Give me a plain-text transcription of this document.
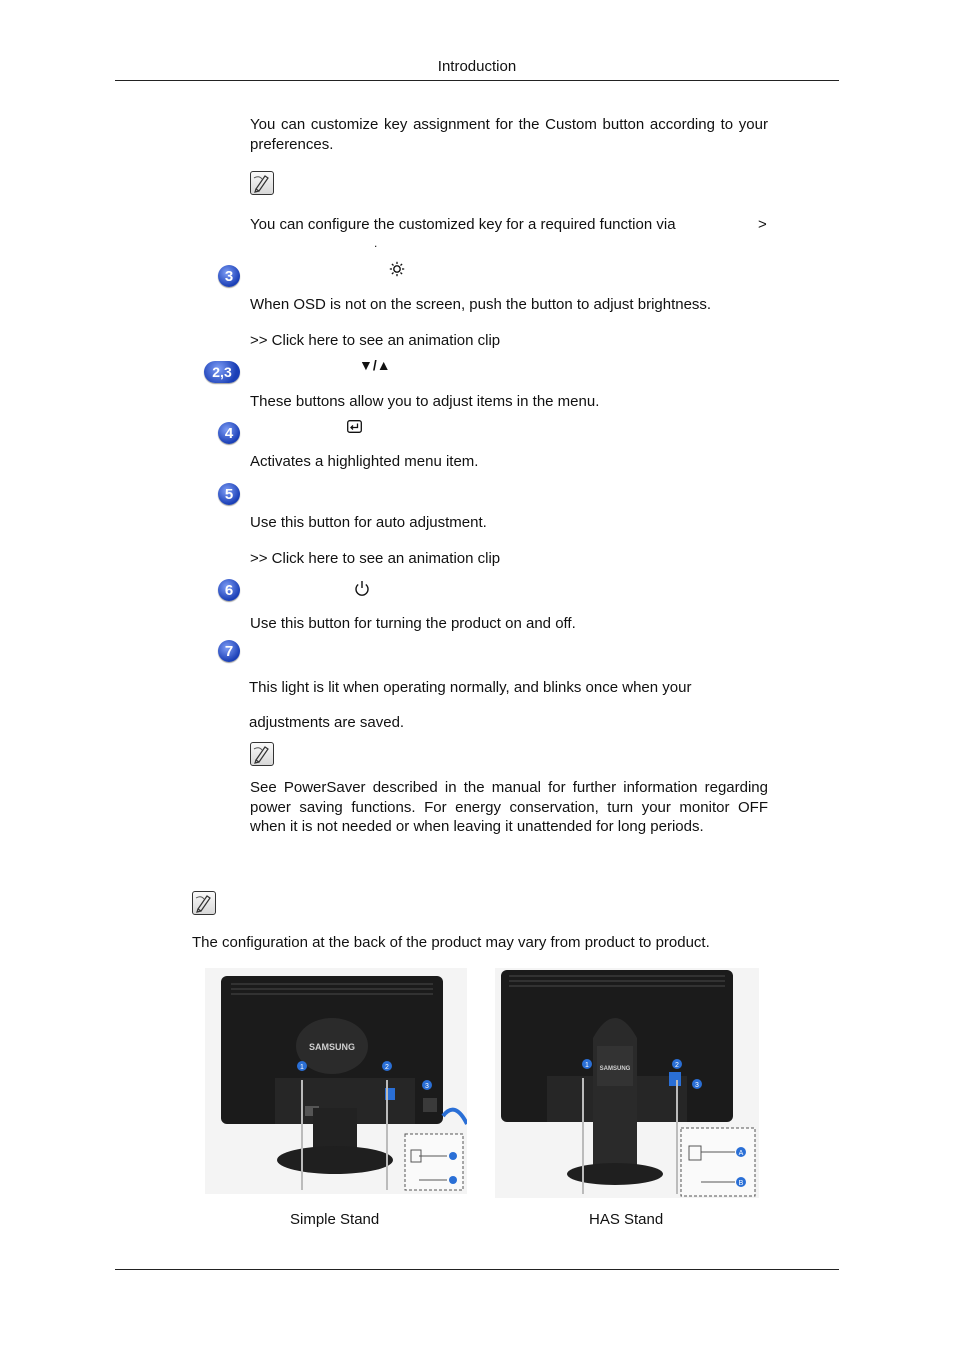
Introduction
You can customize key assignment for the Custom button according to your preferences.
You can configure the customized key for a required function via	>
.
3
When OSD is not on the screen, push the button to adjust brightness.
>> Click here to see an animation clip
2,3	▼/▲
These buttons allow you to adjust items in the menu.
4
Activates a highlighted menu item.
5
Use this button for auto adjustment.
>> Click here to see an animation clip
6
Use this button for turning the product on and off.
7
This light is lit when operating normally, and blinks once when your
adjustments are saved.
See PowerSaver described in the manual for further information regarding power saving functions. For energy conservation, turn your monitor OFF when it is not needed or when leaving it unattended for long periods.
The configuration at the back of the product may vary from product to product.
SAMSUNG
1	2
3
SAMSUNG
1	2
3
A
B
Simple Stand	HAS Stand
